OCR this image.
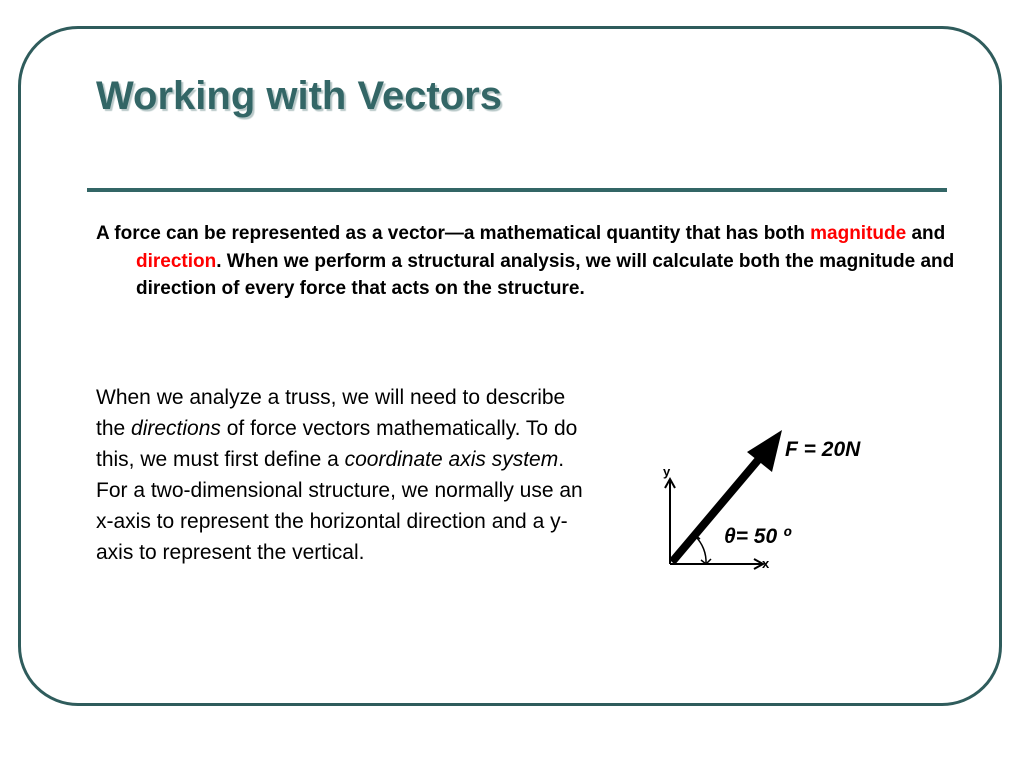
Working with Vectors
A force can be represented as a vector—a mathematical quantity that has both magnitude and direction. When we perform a structural analysis, we will calculate both the magnitude and direction of every force that acts on the structure.
When we analyze a truss, we will need to describe the directions of force vectors mathematically. To do this, we must first define a coordinate axis system. For a two-dimensional structure, we normally use an x-axis to represent the horizontal direction and a y-axis to represent the vertical.
y
x
F = 20N
θ= 50 º
